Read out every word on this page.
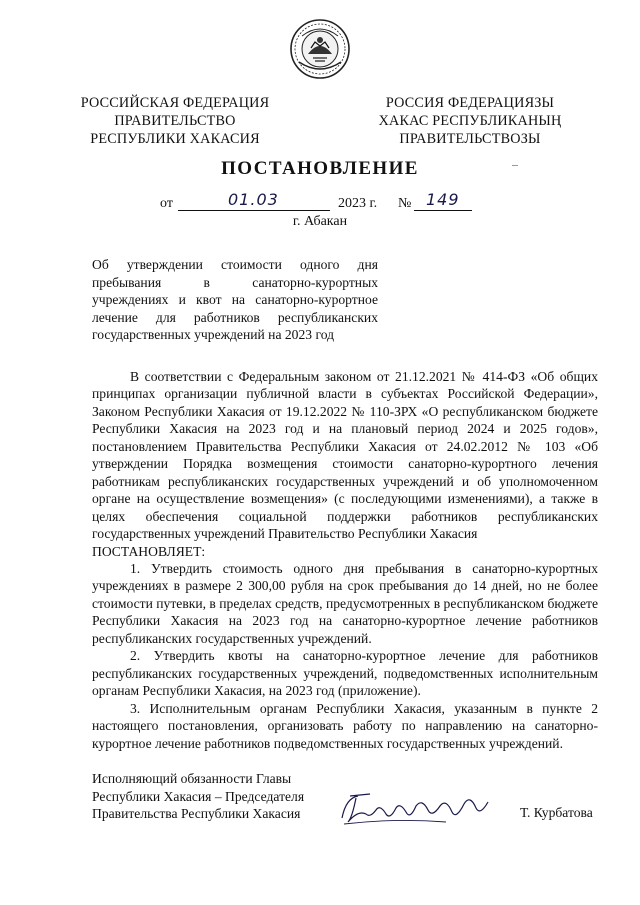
РОССИЙСКАЯ ФЕДЕРАЦИЯ
ПРАВИТЕЛЬСТВО
РЕСПУБЛИКИ ХАКАСИЯ
РОССИЯ ФЕДЕРАЦИЯЗЫ
ХАКАС РЕСПУБЛИКАНЫҢ
ПРАВИТЕЛЬСТВОЗЫ
ПОСТАНОВЛЕНИЕ
от	01.03	2023 г. № 149
г. Абакан
Об утверждении стоимости одного дня
пребывания в санаторно-курортных
учреждениях и квот на санаторно-курортное
лечение для работников республиканских
государственных учреждений на 2023 год

В соответствии с Федеральным законом от 21.12.2021 № 414-ФЗ «Об общих принципах организации публичной власти в субъектах Российской Федерации», Законом Республики Хакасия от 19.12.2022 № 110-ЗРХ «О республиканском бюджете Республики Хакасия на 2023 год и на плановый период 2024 и 2025 годов», постановлением Правительства Республики Хакасия от 24.02.2012 № 103 «Об утверждении Порядка возмещения стоимости санаторно-курортного лечения работникам республиканских государственных учреждений и об уполномоченном органе на осуществление возмещения» (с последующими изменениями), а также в целях обеспечения социальной поддержки работников республиканских государственных учреждений Правительство Республики Хакасия

ПОСТАНОВЛЯЕТ:

1. Утвердить стоимость одного дня пребывания в санаторно-курортных учреждениях в размере 2 300,00 рубля на срок пребывания до 14 дней, но не более стоимости путевки, в пределах средств, предусмотренных в республиканском бюджете Республики Хакасия на 2023 год на санаторно-курортное лечение работников республиканских государственных учреждений.

2. Утвердить квоты на санаторно-курортное лечение для работников республиканских государственных учреждений, подведомственных исполнительным органам Республики Хакасия, на 2023 год (приложение).

3. Исполнительным органам Республики Хакасия, указанным в пункте 2 настоящего постановления, организовать работу по направлению на санаторно-курортное лечение работников подведомственных государственных учреждений.

Исполняющий обязанности Главы
Республики Хакасия – Председателя
Правительства Республики Хакасия	Т. Курбатова
